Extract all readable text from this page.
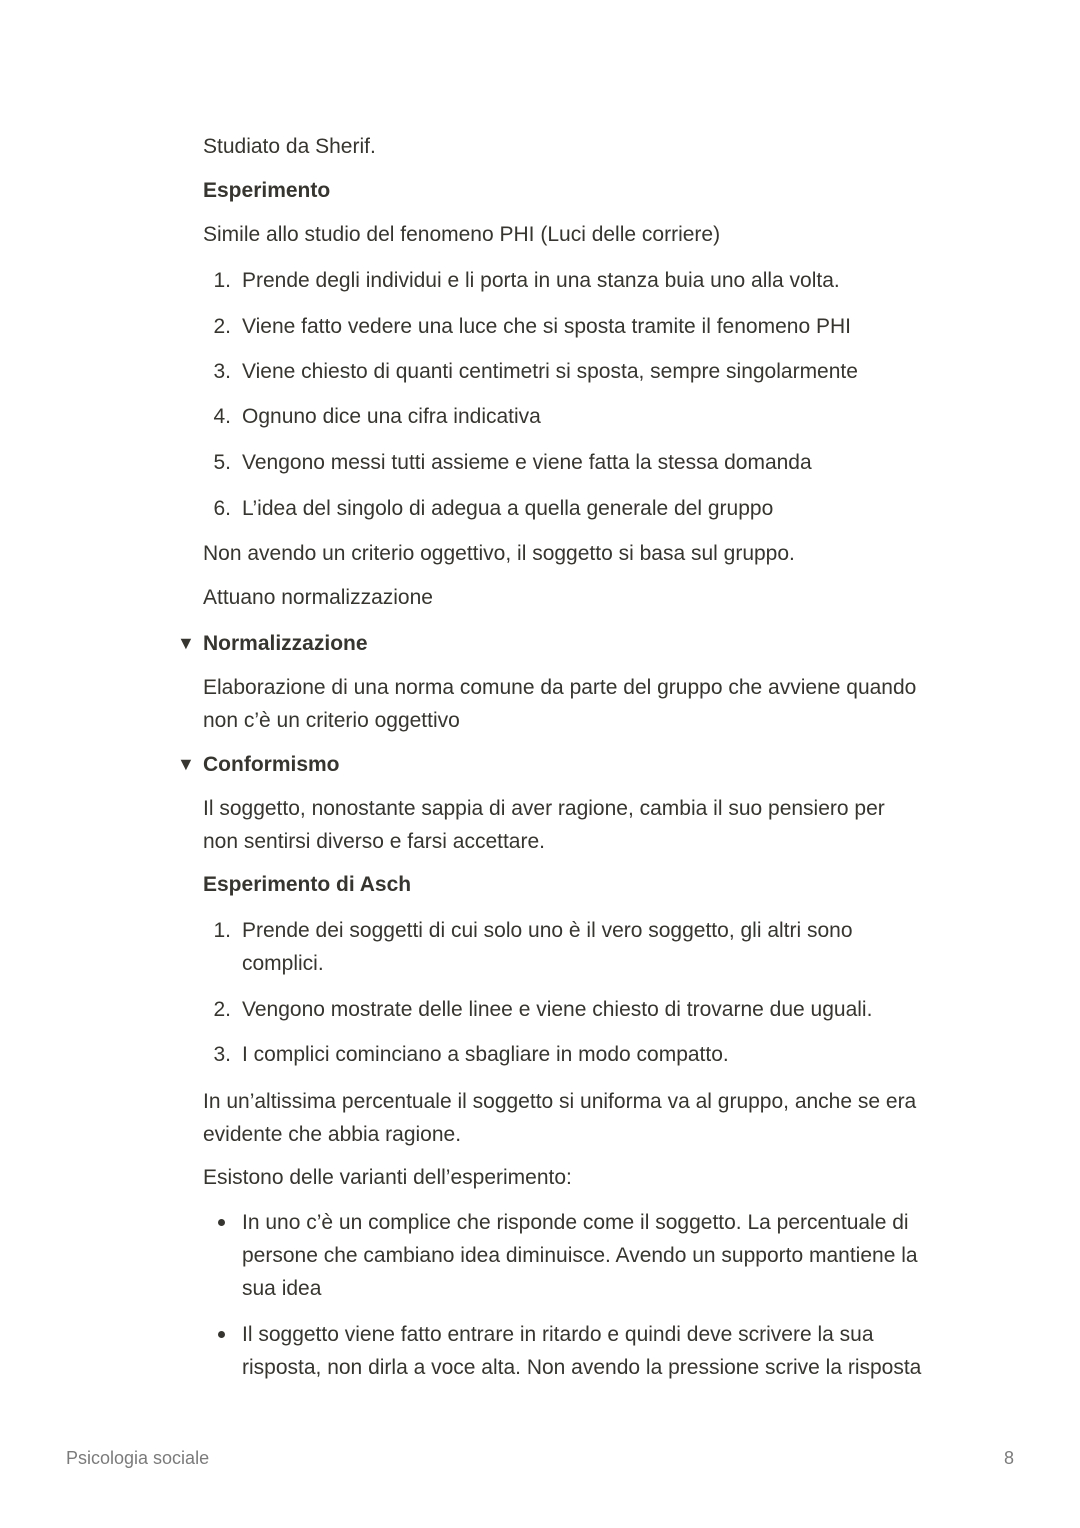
Studiato da Sherif.
Esperimento
Simile allo studio del fenomeno PHI (Luci delle corriere)
1. Prende degli individui e li porta in una stanza buia uno alla volta.
2. Viene fatto vedere una luce che si sposta tramite il fenomeno PHI
3. Viene chiesto di quanti centimetri si sposta, sempre singolarmente
4. Ognuno dice una cifra indicativa
5. Vengono messi tutti assieme e viene fatta la stessa domanda
6. L’idea del singolo di adegua a quella generale del gruppo
Non avendo un criterio oggettivo, il soggetto si basa sul gruppo.
Attuano normalizzazione
▼ Normalizzazione
Elaborazione di una norma comune da parte del gruppo che avviene quando
non c’è un criterio oggettivo
▼ Conformismo
Il soggetto, nonostante sappia di aver ragione, cambia il suo pensiero per
non sentirsi diverso e farsi accettare.
Esperimento di Asch
1. Prende dei soggetti di cui solo uno è il vero soggetto, gli altri sono
complici.
2. Vengono mostrate delle linee e viene chiesto di trovarne due uguali.
3. I complici cominciano a sbagliare in modo compatto.
In un’altissima percentuale il soggetto si uniforma va al gruppo, anche se era
evidente che abbia ragione.
Esistono delle varianti dell’esperimento:
In uno c’è un complice che risponde come il soggetto. La percentuale di
persone che cambiano idea diminuisce. Avendo un supporto mantiene la
sua idea
Il soggetto viene fatto entrare in ritardo e quindi deve scrivere la sua
risposta, non dirla a voce alta. Non avendo la pressione scrive la risposta
Psicologia sociale	8
